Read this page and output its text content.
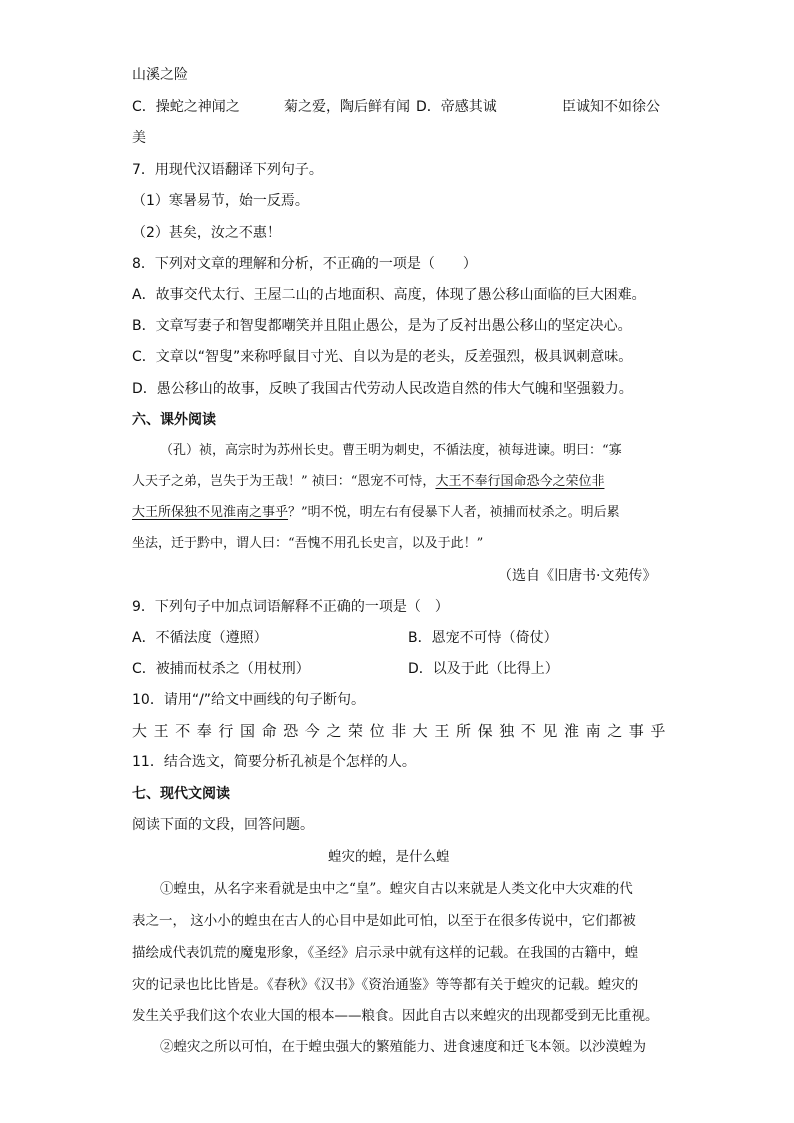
山溪之险
C．操蛇之神闻之	菊之爱，陶后鲜有闻 D．帝感其诚	臣诚知不如徐公
美
7．用现代汉语翻译下列句子。
（1）寒暑易节，始一反焉。
（2）甚矣，汝之不惠！
8．下列对文章的理解和分析，不正确的一项是（　　）
A．故事交代太行、王屋二山的占地面积、高度，体现了愚公移山面临的巨大困难。
B．文章写妻子和智叟都嘲笑并且阻止愚公，是为了反衬出愚公移山的坚定决心。
C．文章以“智叟”来称呼鼠目寸光、自以为是的老头，反差强烈，极具讽刺意味。
D．愚公移山的故事，反映了我国古代劳动人民改造自然的伟大气魄和坚强毅力。
六、课外阅读
（孔）祯，高宗时为苏州长史。曹王明为刺史，不循法度，祯每进谏。明曰：“寡
人天子之弟，岂失于为王哉！” 祯曰：“恩宠不可恃，大王不奉行国命恐今之荣位非
大王所保独不见淮南之事乎？”明不悦，明左右有侵暴下人者，祯捕而杖杀之。明后累
坐法，迁于黔中，谓人曰：“吾愧不用孔长史言，以及于此！”
（选自《旧唐书·文苑传》
9．下列句子中加点词语解释不正确的一项是（　）
A．不循法度（遵照）	B．恩宠不可恃（倚仗）
C．被捕而杖杀之（用杖刑）	D．以及于此（比得上）
10．请用“/”给文中画线的句子断句。
大王不奉行国命恐今之荣位非大王所保独不见淮南之事乎
11．结合选文，简要分析孔祯是个怎样的人。
七、现代文阅读
阅读下面的文段，回答问题。
蝗灾的蝗，是什么蝗
①蝗虫，从名字来看就是虫中之“皇”。蝗灾自古以来就是人类文化中大灾难的代
表之一， 这小小的蝗虫在古人的心目中是如此可怕，以至于在很多传说中，它们都被
描绘成代表饥荒的魔鬼形象，《圣经》启示录中就有这样的记载。在我国的古籍中，蝗
灾的记录也比比皆是。《春秋》《汉书》《资治通鉴》等等都有关于蝗灾的记载。蝗灾的
发生关乎我们这个农业大国的根本——粮食。因此自古以来蝗灾的出现都受到无比重视。
②蝗灾之所以可怕，在于蝗虫强大的繁殖能力、进食速度和迁飞本领。以沙漠蝗为
